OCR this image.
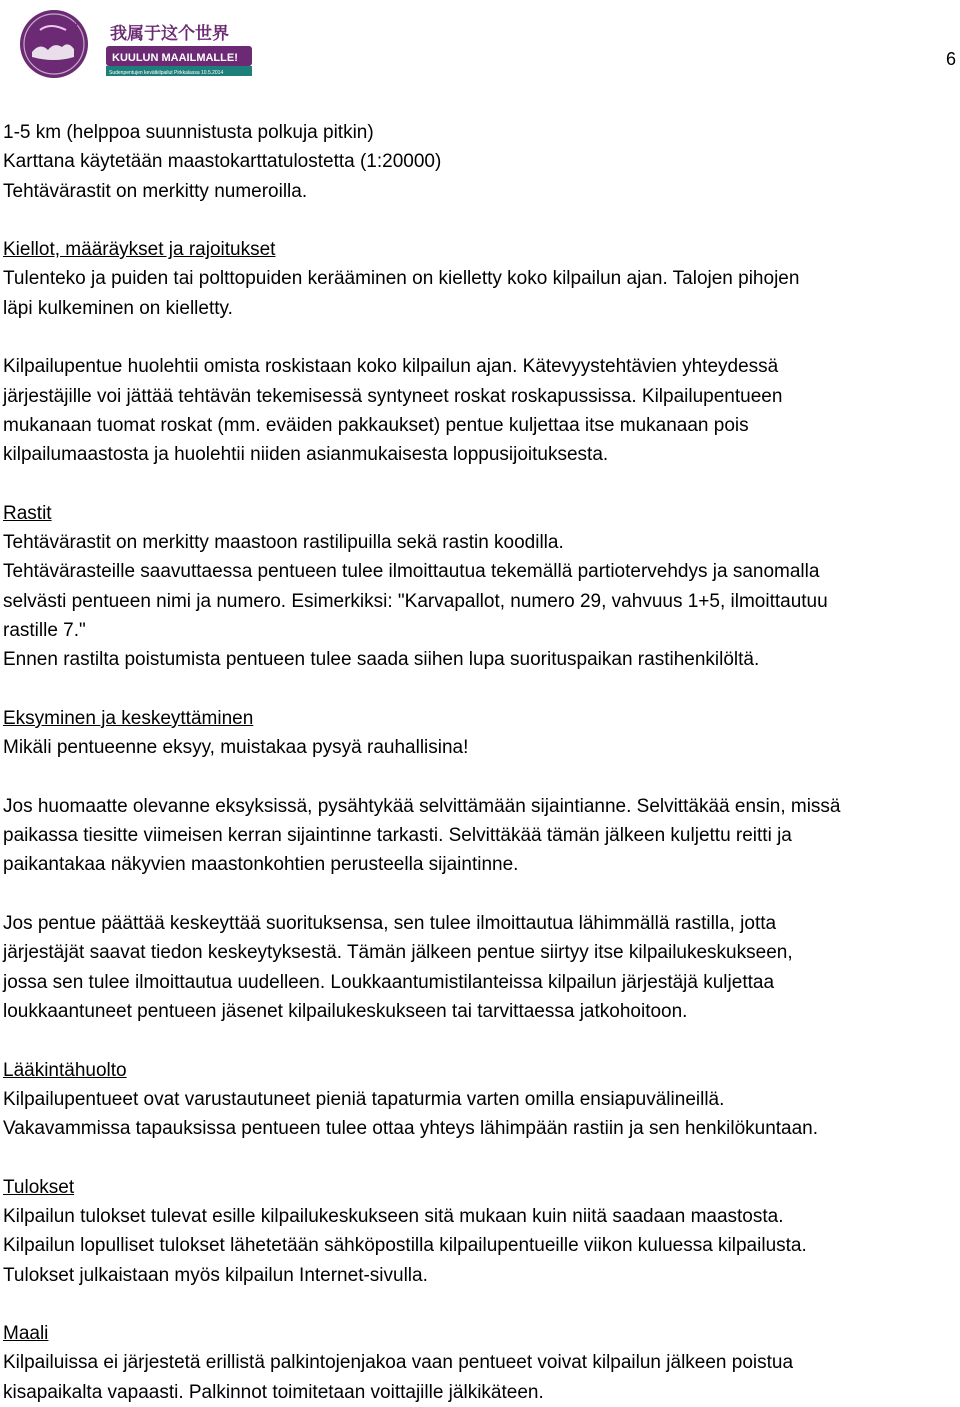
我属于这个世界
2014
KUULUN MAAILMALLE!
Sudenpentujen kevätkilpailut Pirkkalassa 10.5.2014
6

1-5 km (helppoa suunnistusta polkuja pitkin)
Karttana käytetään maastokarttatulostetta (1:20000)
Tehtävärastit on merkitty numeroilla.

Kiellot, määräykset ja rajoitukset
Tulenteko ja puiden tai polttopuiden kerääminen on kielletty koko kilpailun ajan. Talojen pihojen
läpi kulkeminen on kielletty.

Kilpailupentue huolehtii omista roskistaan koko kilpailun ajan. Kätevyystehtävien yhteydessä
järjestäjille voi jättää tehtävän tekemisessä syntyneet roskat roskapussissa. Kilpailupentueen
mukanaan tuomat roskat (mm. eväiden pakkaukset) pentue kuljettaa itse mukanaan pois
kilpailumaastosta ja huolehtii niiden asianmukaisesta loppusijoituksesta.

Rastit
Tehtävärastit on merkitty maastoon rastilipuilla sekä rastin koodilla.
Tehtävärasteille saavuttaessa pentueen tulee ilmoittautua tekemällä partiotervehdys ja sanomalla
selvästi pentueen nimi ja numero. Esimerkiksi: "Karvapallot, numero 29, vahvuus 1+5, ilmoittautuu
rastille 7."
Ennen rastilta poistumista pentueen tulee saada siihen lupa suorituspaikan rastihenkilöltä.

Eksyminen ja keskeyttäminen
Mikäli pentueenne eksyy, muistakaa pysyä rauhallisina!

Jos huomaatte olevanne eksyksissä, pysähtykää selvittämään sijaintianne. Selvittäkää ensin, missä
paikassa tiesitte viimeisen kerran sijaintinne tarkasti. Selvittäkää tämän jälkeen kuljettu reitti ja
paikantakaa näkyvien maastonkohtien perusteella sijaintinne.

Jos pentue päättää keskeyttää suorituksensa, sen tulee ilmoittautua lähimmällä rastilla, jotta
järjestäjät saavat tiedon keskeytyksestä. Tämän jälkeen pentue siirtyy itse kilpailukeskukseen,
jossa sen tulee ilmoittautua uudelleen. Loukkaantumistilanteissa kilpailun järjestäjä kuljettaa
loukkaantuneet pentueen jäsenet kilpailukeskukseen tai tarvittaessa jatkohoitoon.

Lääkintähuolto
Kilpailupentueet ovat varustautuneet pieniä tapaturmia varten omilla ensiapuvälineillä.
Vakavammissa tapauksissa pentueen tulee ottaa yhteys lähimpään rastiin ja sen henkilökuntaan.

Tulokset
Kilpailun tulokset tulevat esille kilpailukeskukseen sitä mukaan kuin niitä saadaan maastosta.
Kilpailun lopulliset tulokset lähetetään sähköpostilla kilpailupentueille viikon kuluessa kilpailusta.
Tulokset julkaistaan myös kilpailun Internet-sivulla.

Maali
Kilpailuissa ei järjestetä erillistä palkintojenjakoa vaan pentueet voivat kilpailun jälkeen poistua
kisapaikalta vapaasti. Palkinnot toimitetaan voittajille jälkikäteen.
